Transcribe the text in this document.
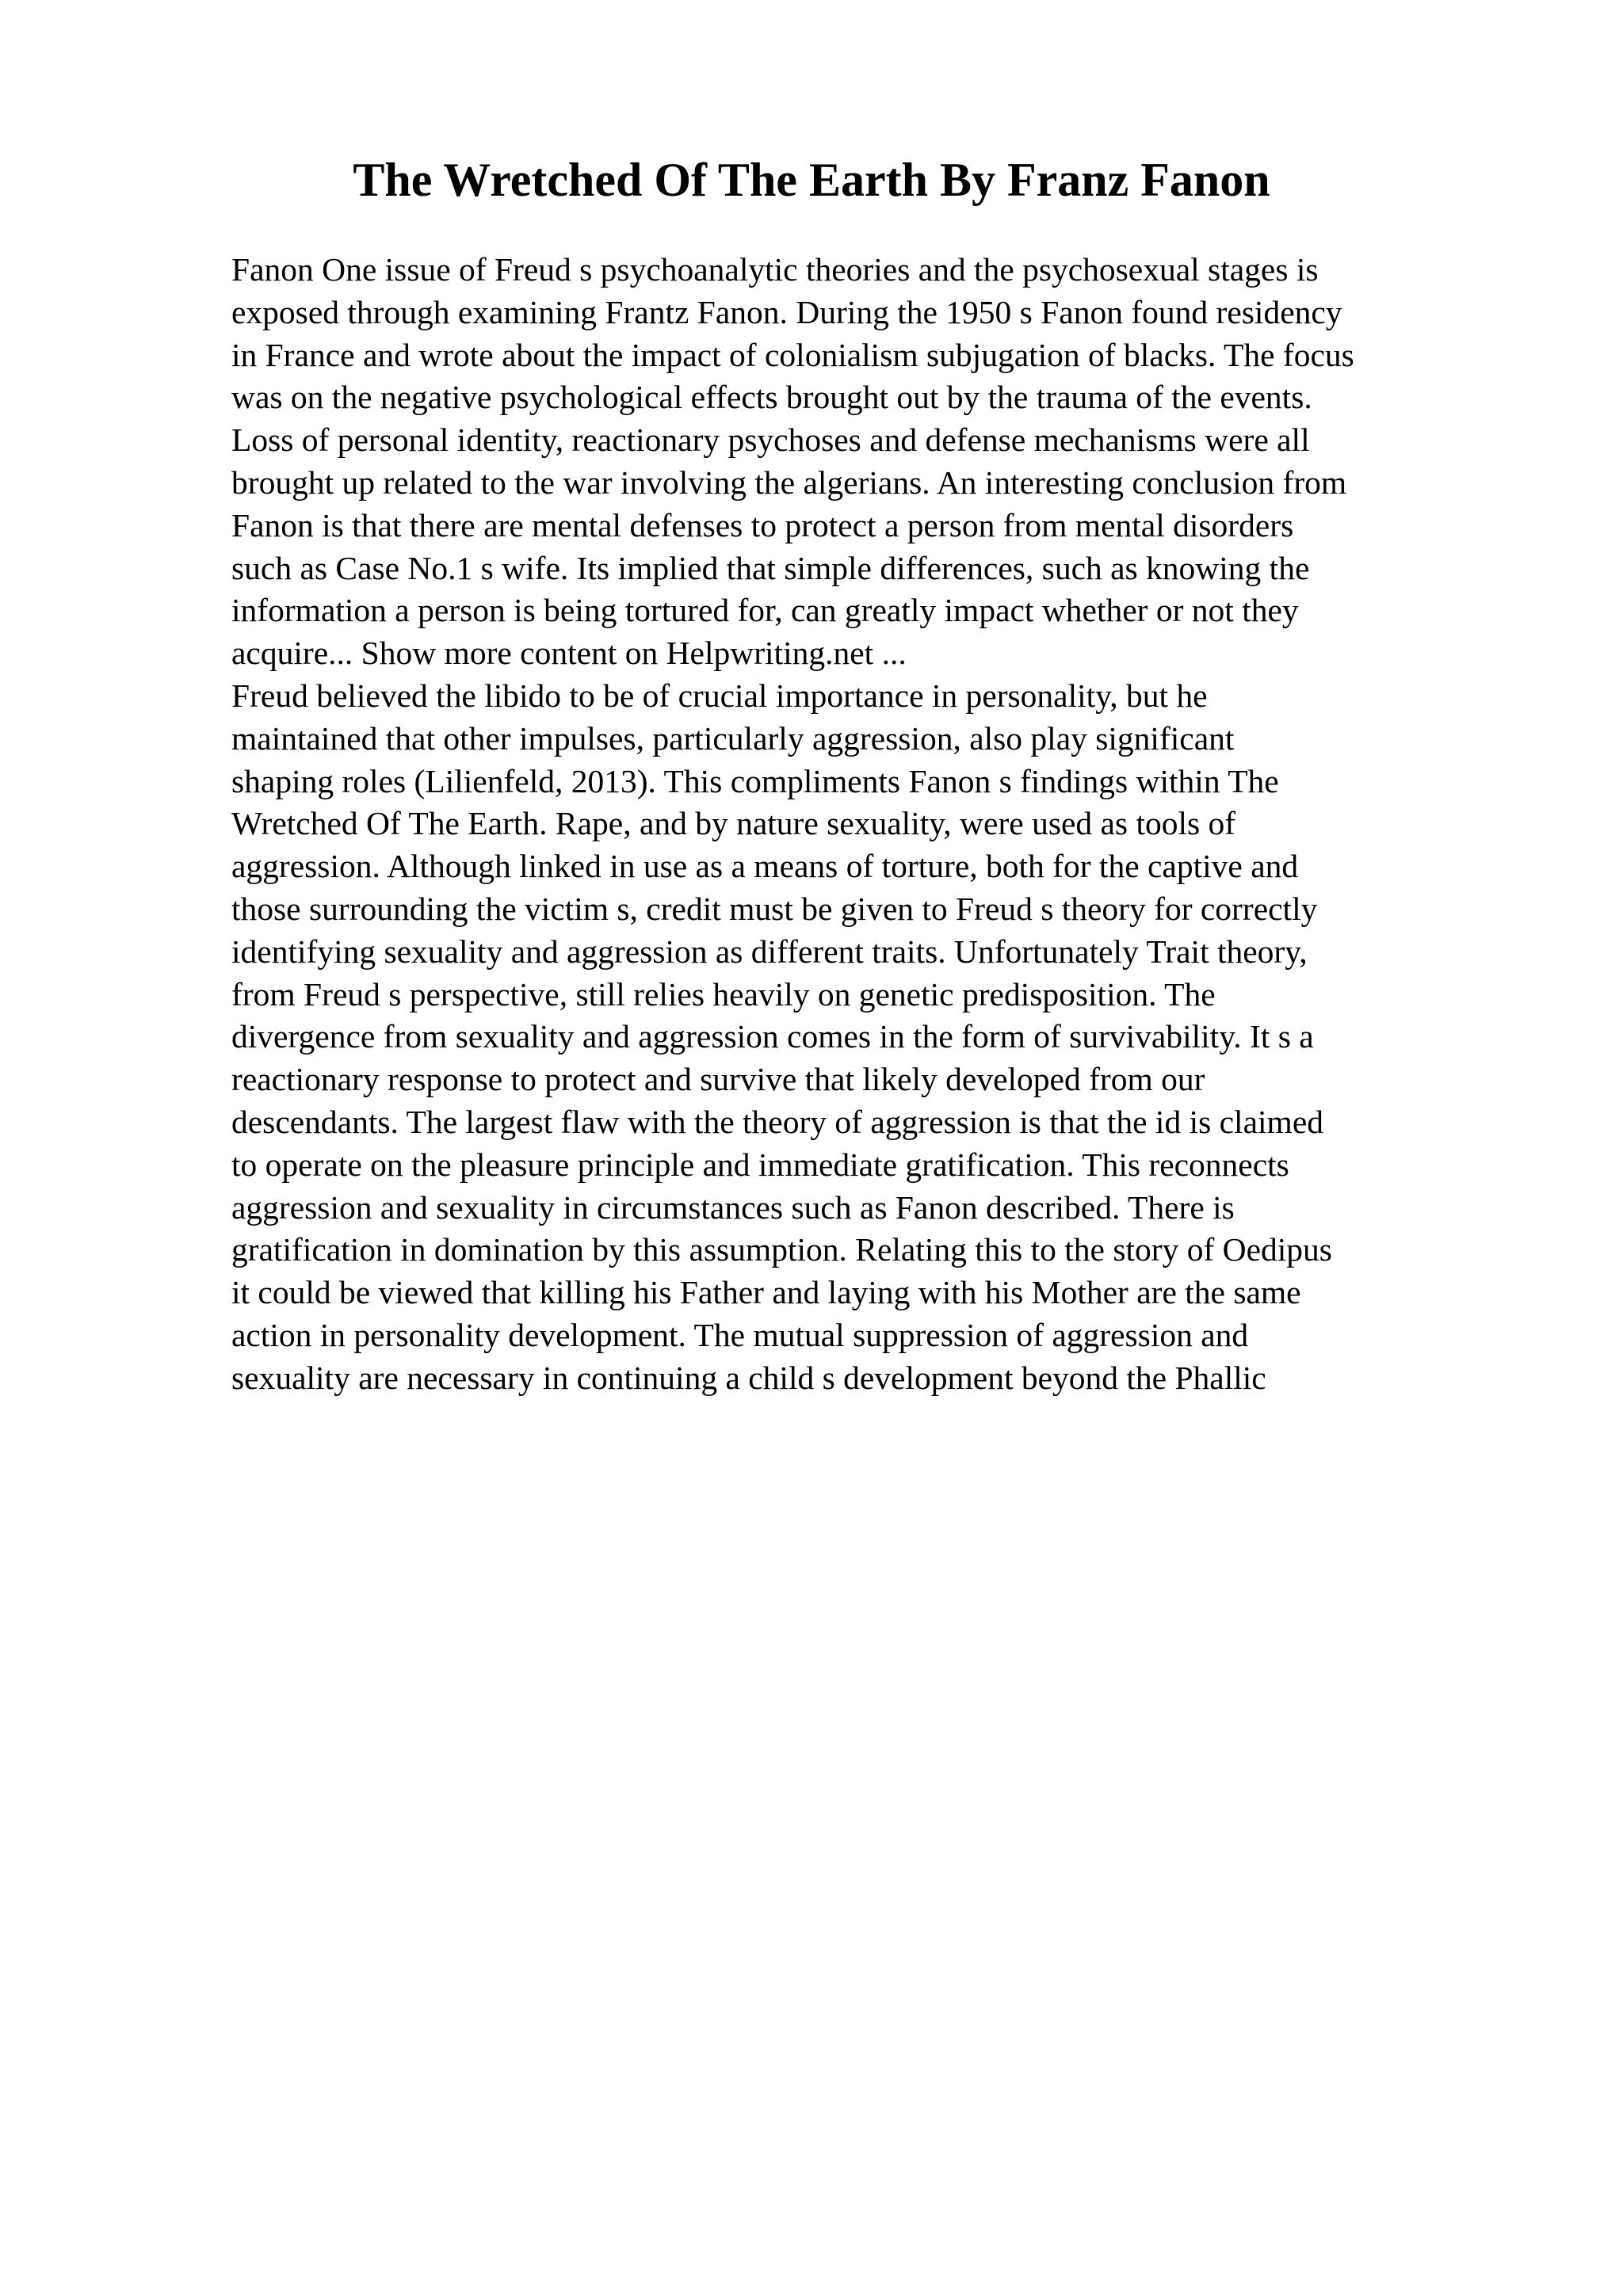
The Wretched Of The Earth By Franz Fanon

Fanon One issue of Freud s psychoanalytic theories and the psychosexual stages is
exposed through examining Frantz Fanon. During the 1950 s Fanon found residency
in France and wrote about the impact of colonialism subjugation of blacks. The focus
was on the negative psychological effects brought out by the trauma of the events.
Loss of personal identity, reactionary psychoses and defense mechanisms were all
brought up related to the war involving the algerians. An interesting conclusion from
Fanon is that there are mental defenses to protect a person from mental disorders
such as Case No.1 s wife. Its implied that simple differences, such as knowing the
information a person is being tortured for, can greatly impact whether or not they
acquire... Show more content on Helpwriting.net ...

Freud believed the libido to be of crucial importance in personality, but he
maintained that other impulses, particularly aggression, also play significant
shaping roles (Lilienfeld, 2013). This compliments Fanon s findings within The
Wretched Of The Earth. Rape, and by nature sexuality, were used as tools of
aggression. Although linked in use as a means of torture, both for the captive and
those surrounding the victim s, credit must be given to Freud s theory for correctly
identifying sexuality and aggression as different traits. Unfortunately Trait theory,
from Freud s perspective, still relies heavily on genetic predisposition. The
divergence from sexuality and aggression comes in the form of survivability. It s a
reactionary response to protect and survive that likely developed from our
descendants. The largest flaw with the theory of aggression is that the id is claimed
to operate on the pleasure principle and immediate gratification. This reconnects
aggression and sexuality in circumstances such as Fanon described. There is
gratification in domination by this assumption. Relating this to the story of Oedipus
it could be viewed that killing his Father and laying with his Mother are the same
action in personality development. The mutual suppression of aggression and
sexuality are necessary in continuing a child s development beyond the Phallic
